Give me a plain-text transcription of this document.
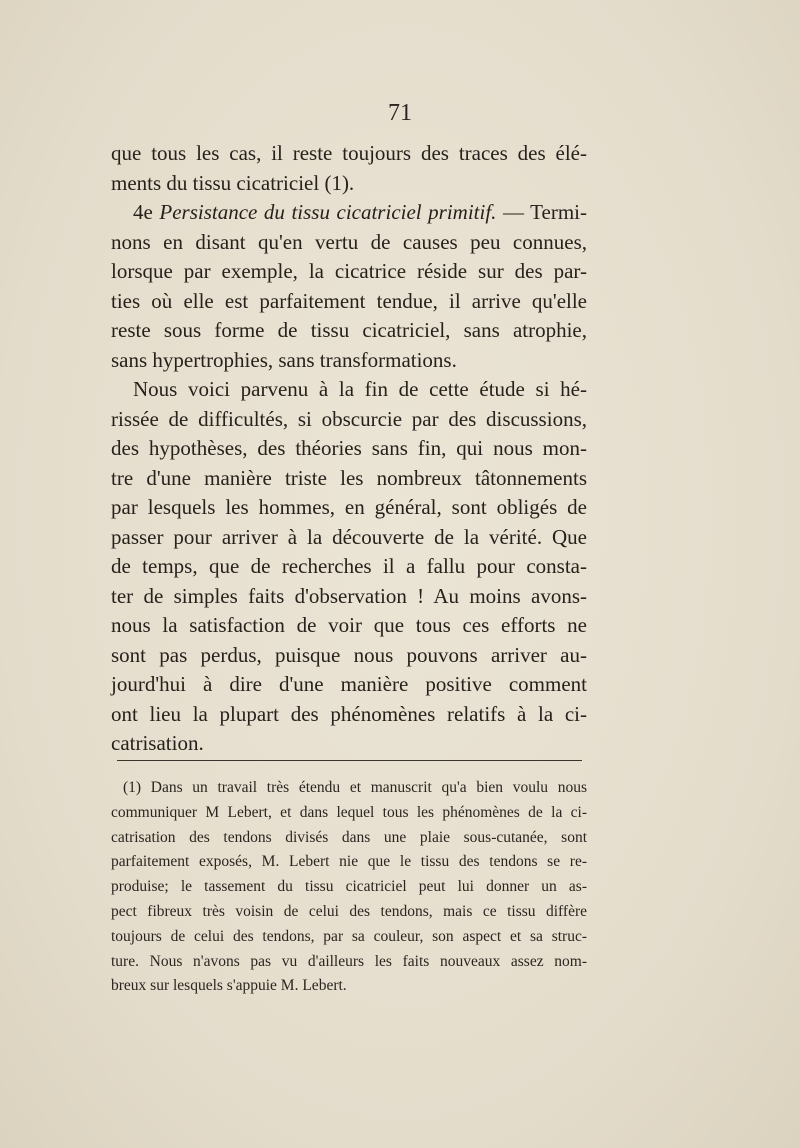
71
que tous les cas, il reste toujours des traces des élé-
ments du tissu cicatriciel (1).
4e Persistance du tissu cicatriciel primitif. — Termi-
nons en disant qu'en vertu de causes peu connues,
lorsque par exemple, la cicatrice réside sur des par-
ties où elle est parfaitement tendue, il arrive qu'elle
reste sous forme de tissu cicatriciel, sans atrophie,
sans hypertrophies, sans transformations.
Nous voici parvenu à la fin de cette étude si hé-
rissée de difficultés, si obscurcie par des discussions,
des hypothèses, des théories sans fin, qui nous mon-
tre d'une manière triste les nombreux tâtonnements
par lesquels les hommes, en général, sont obligés de
passer pour arriver à la découverte de la vérité. Que
de temps, que de recherches il a fallu pour consta-
ter de simples faits d'observation ! Au moins avons-
nous la satisfaction de voir que tous ces efforts ne
sont pas perdus, puisque nous pouvons arriver au-
jourd'hui à dire d'une manière positive comment
ont lieu la plupart des phénomènes relatifs à la ci-
catrisation.
(1) Dans un travail très étendu et manuscrit qu'a bien voulu nous
communiquer M Lebert, et dans lequel tous les phénomènes de la ci-
catrisation des tendons divisés dans une plaie sous-cutanée, sont
parfaitement exposés, M. Lebert nie que le tissu des tendons se re-
produise; le tassement du tissu cicatriciel peut lui donner un as-
pect fibreux très voisin de celui des tendons, mais ce tissu diffère
toujours de celui des tendons, par sa couleur, son aspect et sa struc-
ture. Nous n'avons pas vu d'ailleurs les faits nouveaux assez nom-
breux sur lesquels s'appuie M. Lebert.
